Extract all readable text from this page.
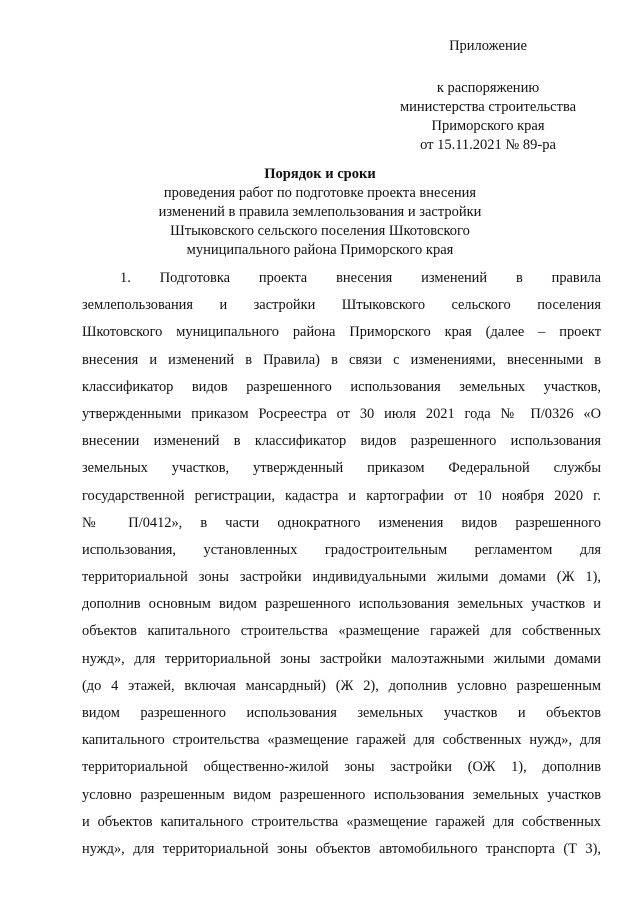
Приложение
к распоряжению
министерства строительства
Приморского края
от 15.11.2021 № 89-ра
Порядок и сроки
проведения работ по подготовке проекта внесения
изменений в правила землепользования и застройки
Штыковского сельского поселения Шкотовского
муниципального района Приморского края
1. Подготовка проекта внесения изменений в правила
землепользования и застройки Штыковского сельского поселения
Шкотовского муниципального района Приморского края (далее – проект
внесения и изменений в Правила) в связи с изменениями, внесенными в
классификатор видов разрешенного использования земельных участков,
утвержденными приказом Росреестра от 30 июля 2021 года № П/0326 «О
внесении изменений в классификатор видов разрешенного использования
земельных участков, утвержденный приказом Федеральной службы
государственной регистрации, кадастра и картографии от 10 ноября 2020 г.
№ П/0412», в части однократного изменения видов разрешенного
использования, установленных градостроительным регламентом для
территориальной зоны застройки индивидуальными жилыми домами (Ж 1),
дополнив основным видом разрешенного использования земельных участков и
объектов капитального строительства «размещение гаражей для собственных
нужд», для территориальной зоны застройки малоэтажными жилыми домами
(до 4 этажей, включая мансардный) (Ж 2), дополнив условно разрешенным
видом разрешенного использования земельных участков и объектов
капитального строительства «размещение гаражей для собственных нужд», для
территориальной общественно-жилой зоны застройки (ОЖ 1), дополнив
условно разрешенным видом разрешенного использования земельных участков
и объектов капитального строительства «размещение гаражей для собственных
нужд», для территориальной зоны объектов автомобильного транспорта (Т 3),
